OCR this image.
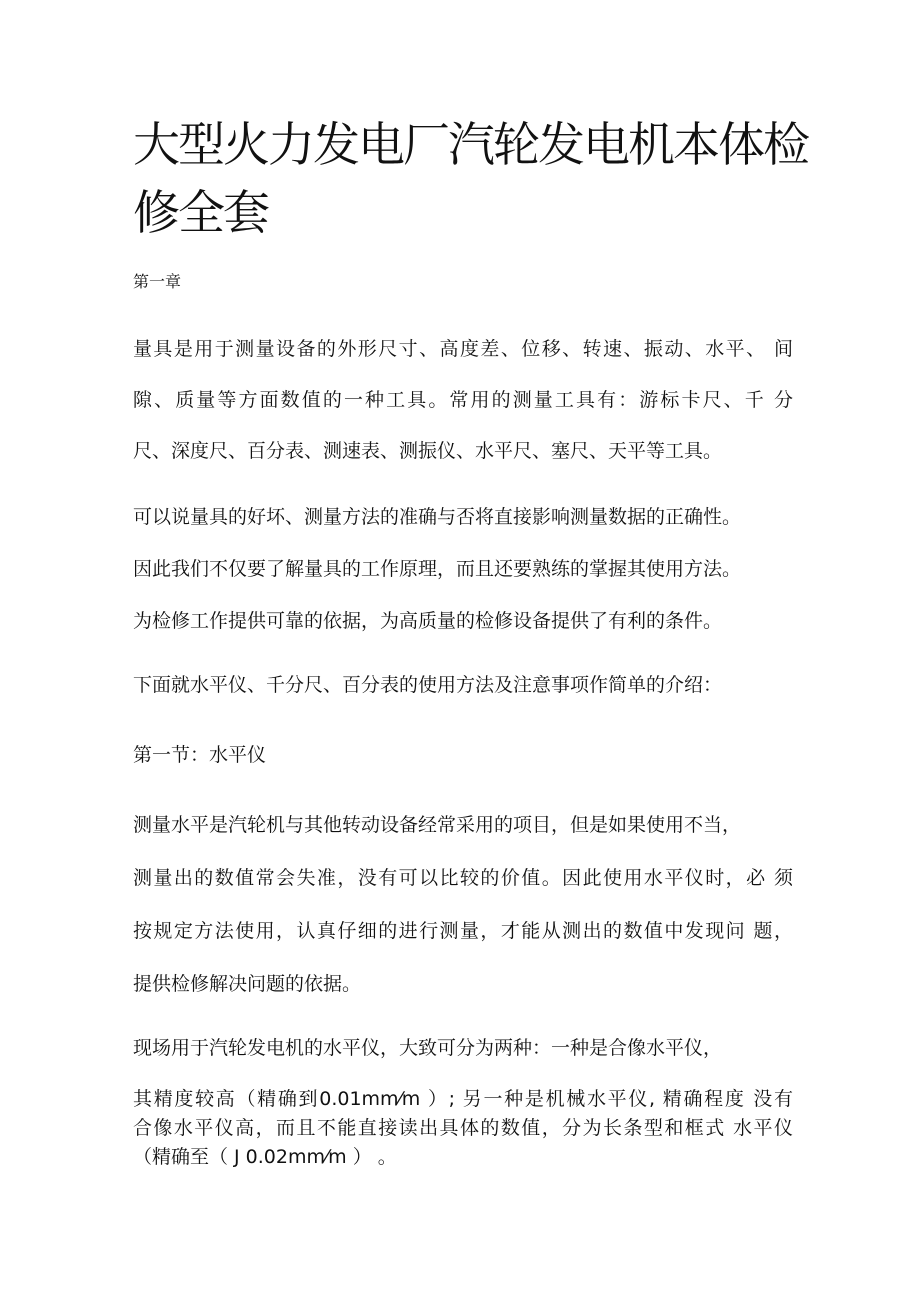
大型火力发电厂汽轮发电机本体检
修全套

第一章

量具是用于测量设备的外形尺寸、高度差、位移、转速、振动、水平、 间
隙、质量等方面数值的一种工具。常用的测量工具有：游标卡尺、千 分
尺、深度尺、百分表、测速表、测振仪、水平尺、塞尺、天平等工具。
可以说量具的好坏、测量方法的准确与否将直接影响测量数据的正确性。
因此我们不仅要了解量具的工作原理，而且还要熟练的掌握其使用方法。
为检修工作提供可靠的依据，为高质量的检修设备提供了有利的条件。

下面就水平仪、千分尺、百分表的使用方法及注意事项作简单的介绍：

第一节：水平仪

测量水平是汽轮机与其他转动设备经常采用的项目，但是如果使用不当，
测量出的数值常会失准，没有可以比较的价值。因此使用水平仪时，必 须
按规定方法使用，认真仔细的进行测量，才能从测出的数值中发现问 题，
提供检修解决问题的依据。

现场用于汽轮发电机的水平仪，大致可分为两种：一种是合像水平仪，

其精度较高（精确到0.01mm⁄m ）; 另一种是机械水平仪, 精确程度 没有
合像水平仪高，而且不能直接读出具体的数值，分为长条型和框式 水平仪
（精确至（ J 0.02mm⁄m ） 。
